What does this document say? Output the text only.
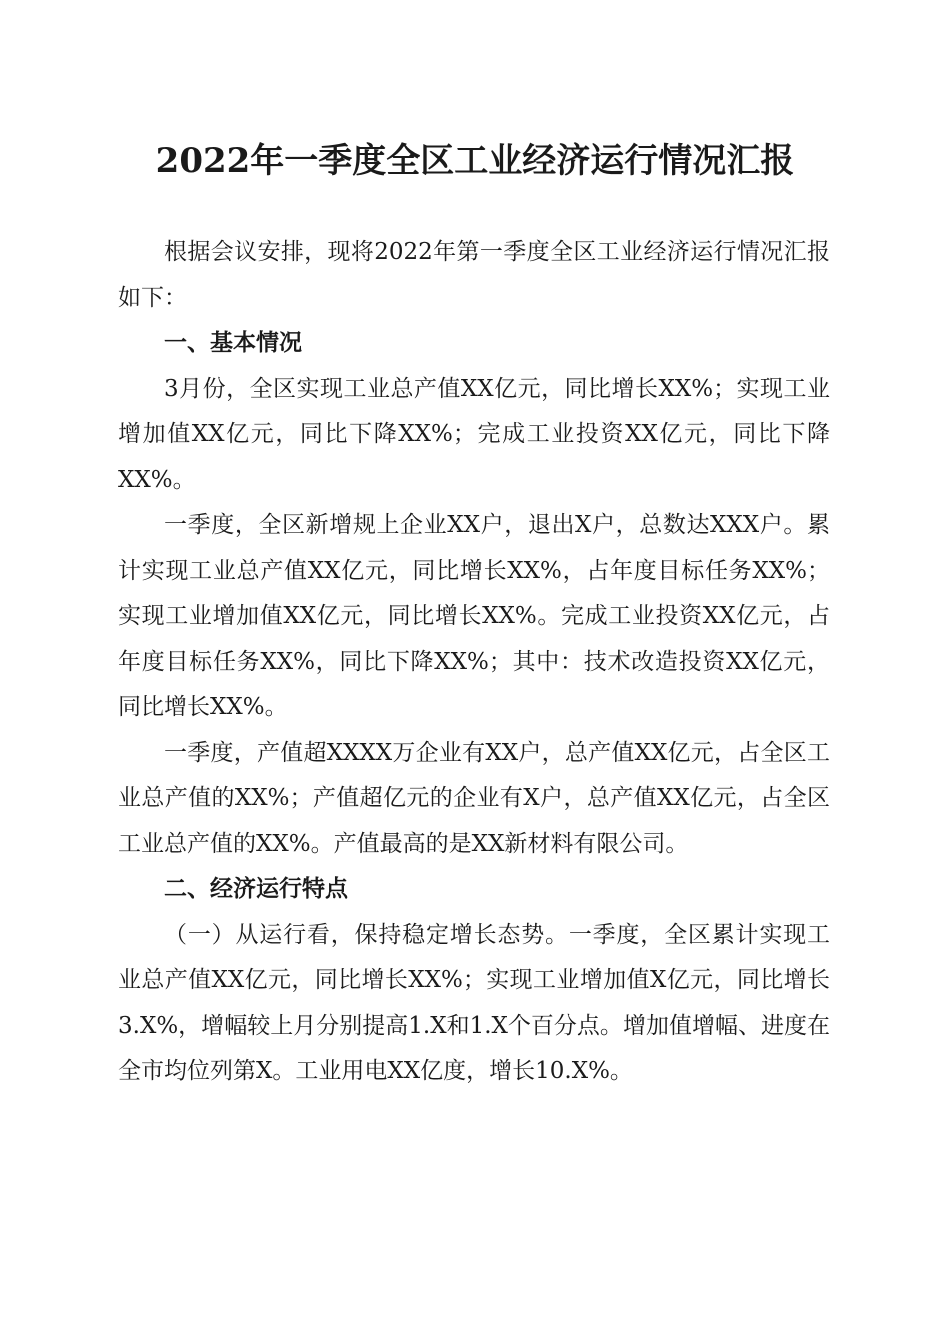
2022年一季度全区工业经济运行情况汇报

根据会议安排，现将2022年第一季度全区工业经济运行情况汇报如下：

一、基本情况

3月份，全区实现工业总产值XX亿元，同比增长XX%；实现工业增加值XX亿元，同比下降XX%；完成工业投资XX亿元，同比下降XX%。

一季度，全区新增规上企业XX户，退出X户，总数达XXX户。累计实现工业总产值XX亿元，同比增长XX%，占年度目标任务XX%；实现工业增加值XX亿元，同比增长XX%。完成工业投资XX亿元，占年度目标任务XX%，同比下降XX%；其中：技术改造投资XX亿元，同比增长XX%。

一季度，产值超XXXX万企业有XX户，总产值XX亿元，占全区工业总产值的XX%；产值超亿元的企业有X户，总产值XX亿元，占全区工业总产值的XX%。产值最高的是XX新材料有限公司。

二、经济运行特点

（一）从运行看，保持稳定增长态势。一季度，全区累计实现工业总产值XX亿元，同比增长XX%；实现工业增加值X亿元，同比增长3.X%，增幅较上月分别提高1.X和1.X个百分点。增加值增幅、进度在全市均位列第X。工业用电XX亿度，增长10.X%。
